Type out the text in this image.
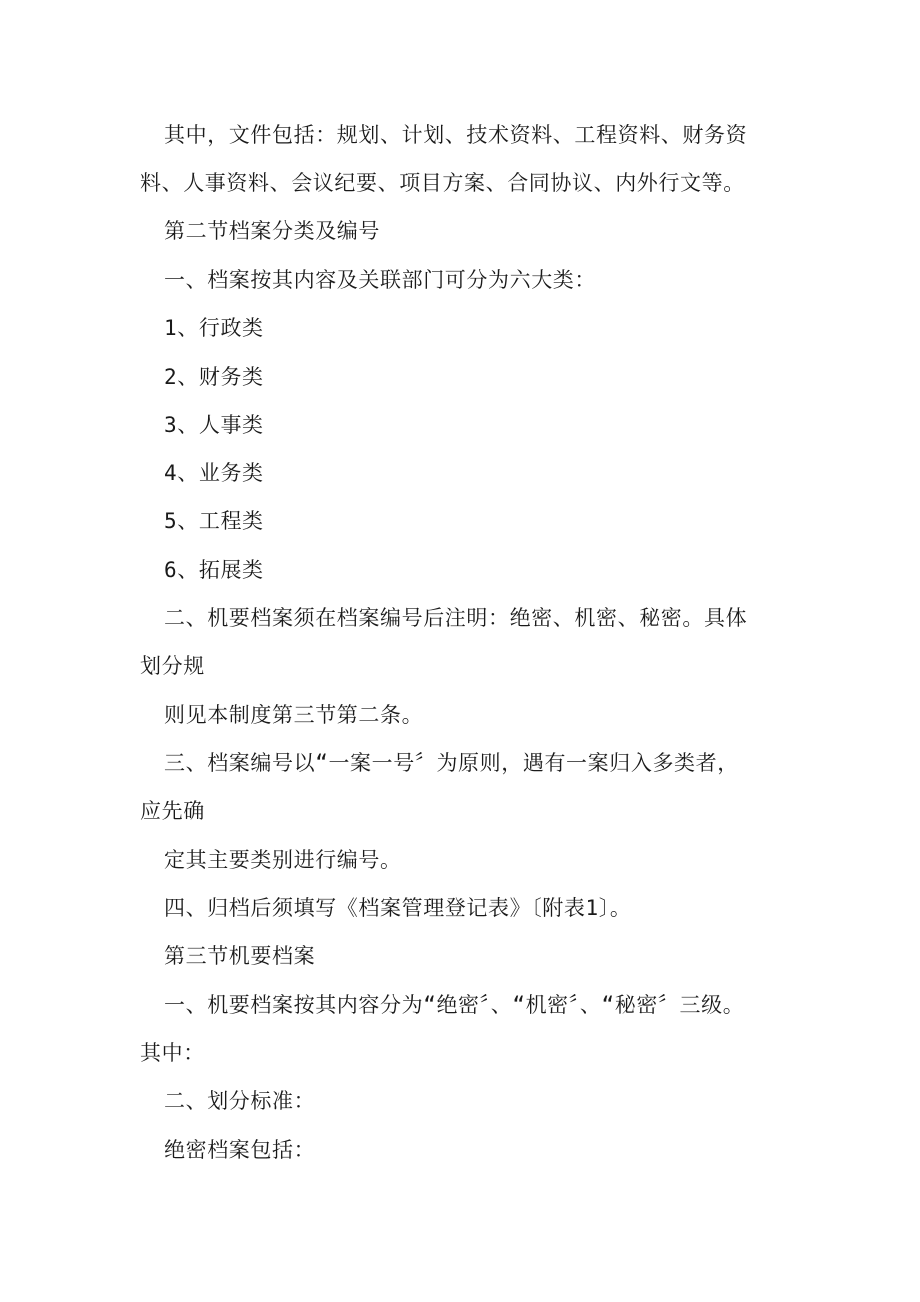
其中，文件包括：规划、计划、技术资料、工程资料、财务资
料、人事资料、会议纪要、项目方案、合同协议、内外行文等。
第二节档案分类及编号
一、档案按其内容及关联部门可分为六大类：
1、行政类
2、财务类
3、人事类
4、业务类
5、工程类
6、拓展类
二、机要档案须在档案编号后注明：绝密、机密、秘密。具体
划分规
则见本制度第三节第二条。
三、档案编号以“一案一号〞为原则，遇有一案归入多类者，
应先确
定其主要类别进行编号。
四、归档后须填写《档案管理登记表》〔附表1〕。
第三节机要档案
一、机要档案按其内容分为“绝密〞、“机密〞、“秘密〞三级。
其中：
二、划分标准：
绝密档案包括：
